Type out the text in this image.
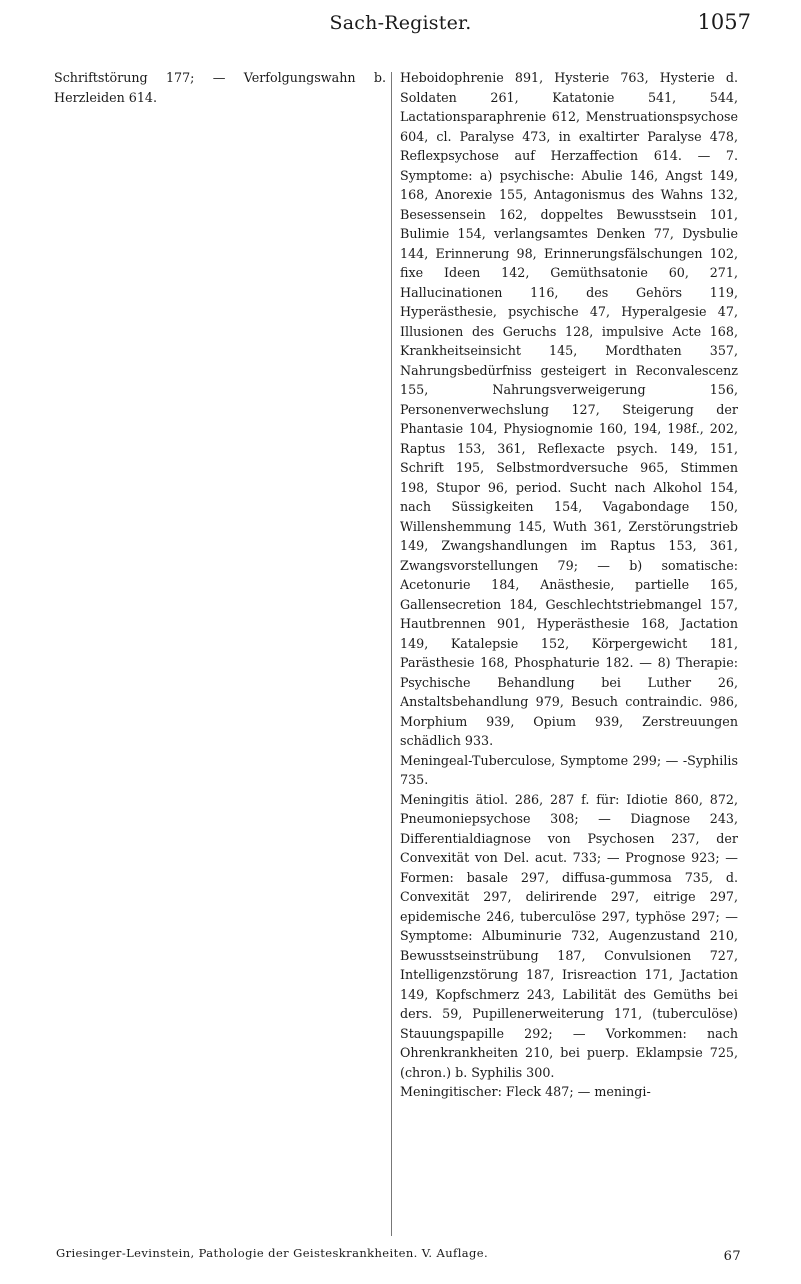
Sach-Register.	1057

Schriftstörung 177; — Verfolgungswahn b. Herzleiden 614.

Heboidophrenie 891, Hysterie 763, Hysterie d. Soldaten 261, Katatonie 541, 544, Lactationsparaphrenie 612, Menstruationspsychose 604, cl. Paralyse 473, in exaltirter Paralyse 478, Reflexpsychose auf Herzaffection 614. — 7. Symptome: a) psychische: Abulie 146, Angst 149, 168, Anorexie 155, Antagonismus des Wahns 132, Besessensein 162, doppeltes Bewusstsein 101, Bulimie 154, verlangsamtes Denken 77, Dysbulie 144, Erinnerung 98, Erinnerungsfälschungen 102, fixe Ideen 142, Gemüthsatonie 60, 271, Hallucinationen 116, des Gehörs 119, Hyperästhesie, psychische 47, Hyperalgesie 47, Illusionen des Geruchs 128, impulsive Acte 168, Krankheitseinsicht 145, Mordthaten 357, Nahrungsbedürfniss gesteigert in Reconvalescenz 155, Nahrungsverweigerung 156, Personenverwechslung 127, Steigerung der Phantasie 104, Physiognomie 160, 194, 198f., 202, Raptus 153, 361, Reflexacte psych. 149, 151, Schrift 195, Selbstmordversuche 965, Stimmen 198, Stupor 96, period. Sucht nach Alkohol 154, nach Süssigkeiten 154, Vagabondage 150, Willenshemmung 145, Wuth 361, Zerstörungstrieb 149, Zwangshandlungen im Raptus 153, 361, Zwangsvorstellungen 79; — b) somatische: Acetonurie 184, Anästhesie, partielle 165, Gallensecretion 184, Geschlechtstriebmangel 157, Hautbrennen 901, Hyperästhesie 168, Jactation 149, Katalepsie 152, Körpergewicht 181, Parästhesie 168, Phosphaturie 182. — 8) Therapie: Psychische Behandlung bei Luther 26, Anstaltsbehandlung 979, Besuch contraindic. 986, Morphium 939, Opium 939, Zerstreuungen schädlich 933.

Meningeal-Tuberculose, Symptome 299; — -Syphilis 735.

Meningitis ätiol. 286, 287 f. für: Idiotie 860, 872, Pneumoniepsychose 308; — Diagnose 243, Differentialdiagnose von Psychosen 237, der Convexität von Del. acut. 733; — Prognose 923; — Formen: basale 297, diffusa-gummosa 735, d. Convexität 297, delirirende 297, eitrige 297, epidemische 246, tuberculöse 297, typhöse 297; — Symptome: Albuminurie 732, Augenzustand 210, Bewusstseinstrübung 187, Convulsionen 727, Intelligenzstörung 187, Irisreaction 171, Jactation 149, Kopfschmerz 243, Labilität des Gemüths bei ders. 59, Pupillenerweiterung 171, (tuberculöse) Stauungspapille 292; — Vorkommen: nach Ohrenkrankheiten 210, bei puerp. Eklampsie 725, (chron.) b. Syphilis 300.

Meningitischer: Fleck 487; — meningi-

Griesinger-Levinstein, Pathologie der Geisteskrankheiten. V. Auflage.	67
